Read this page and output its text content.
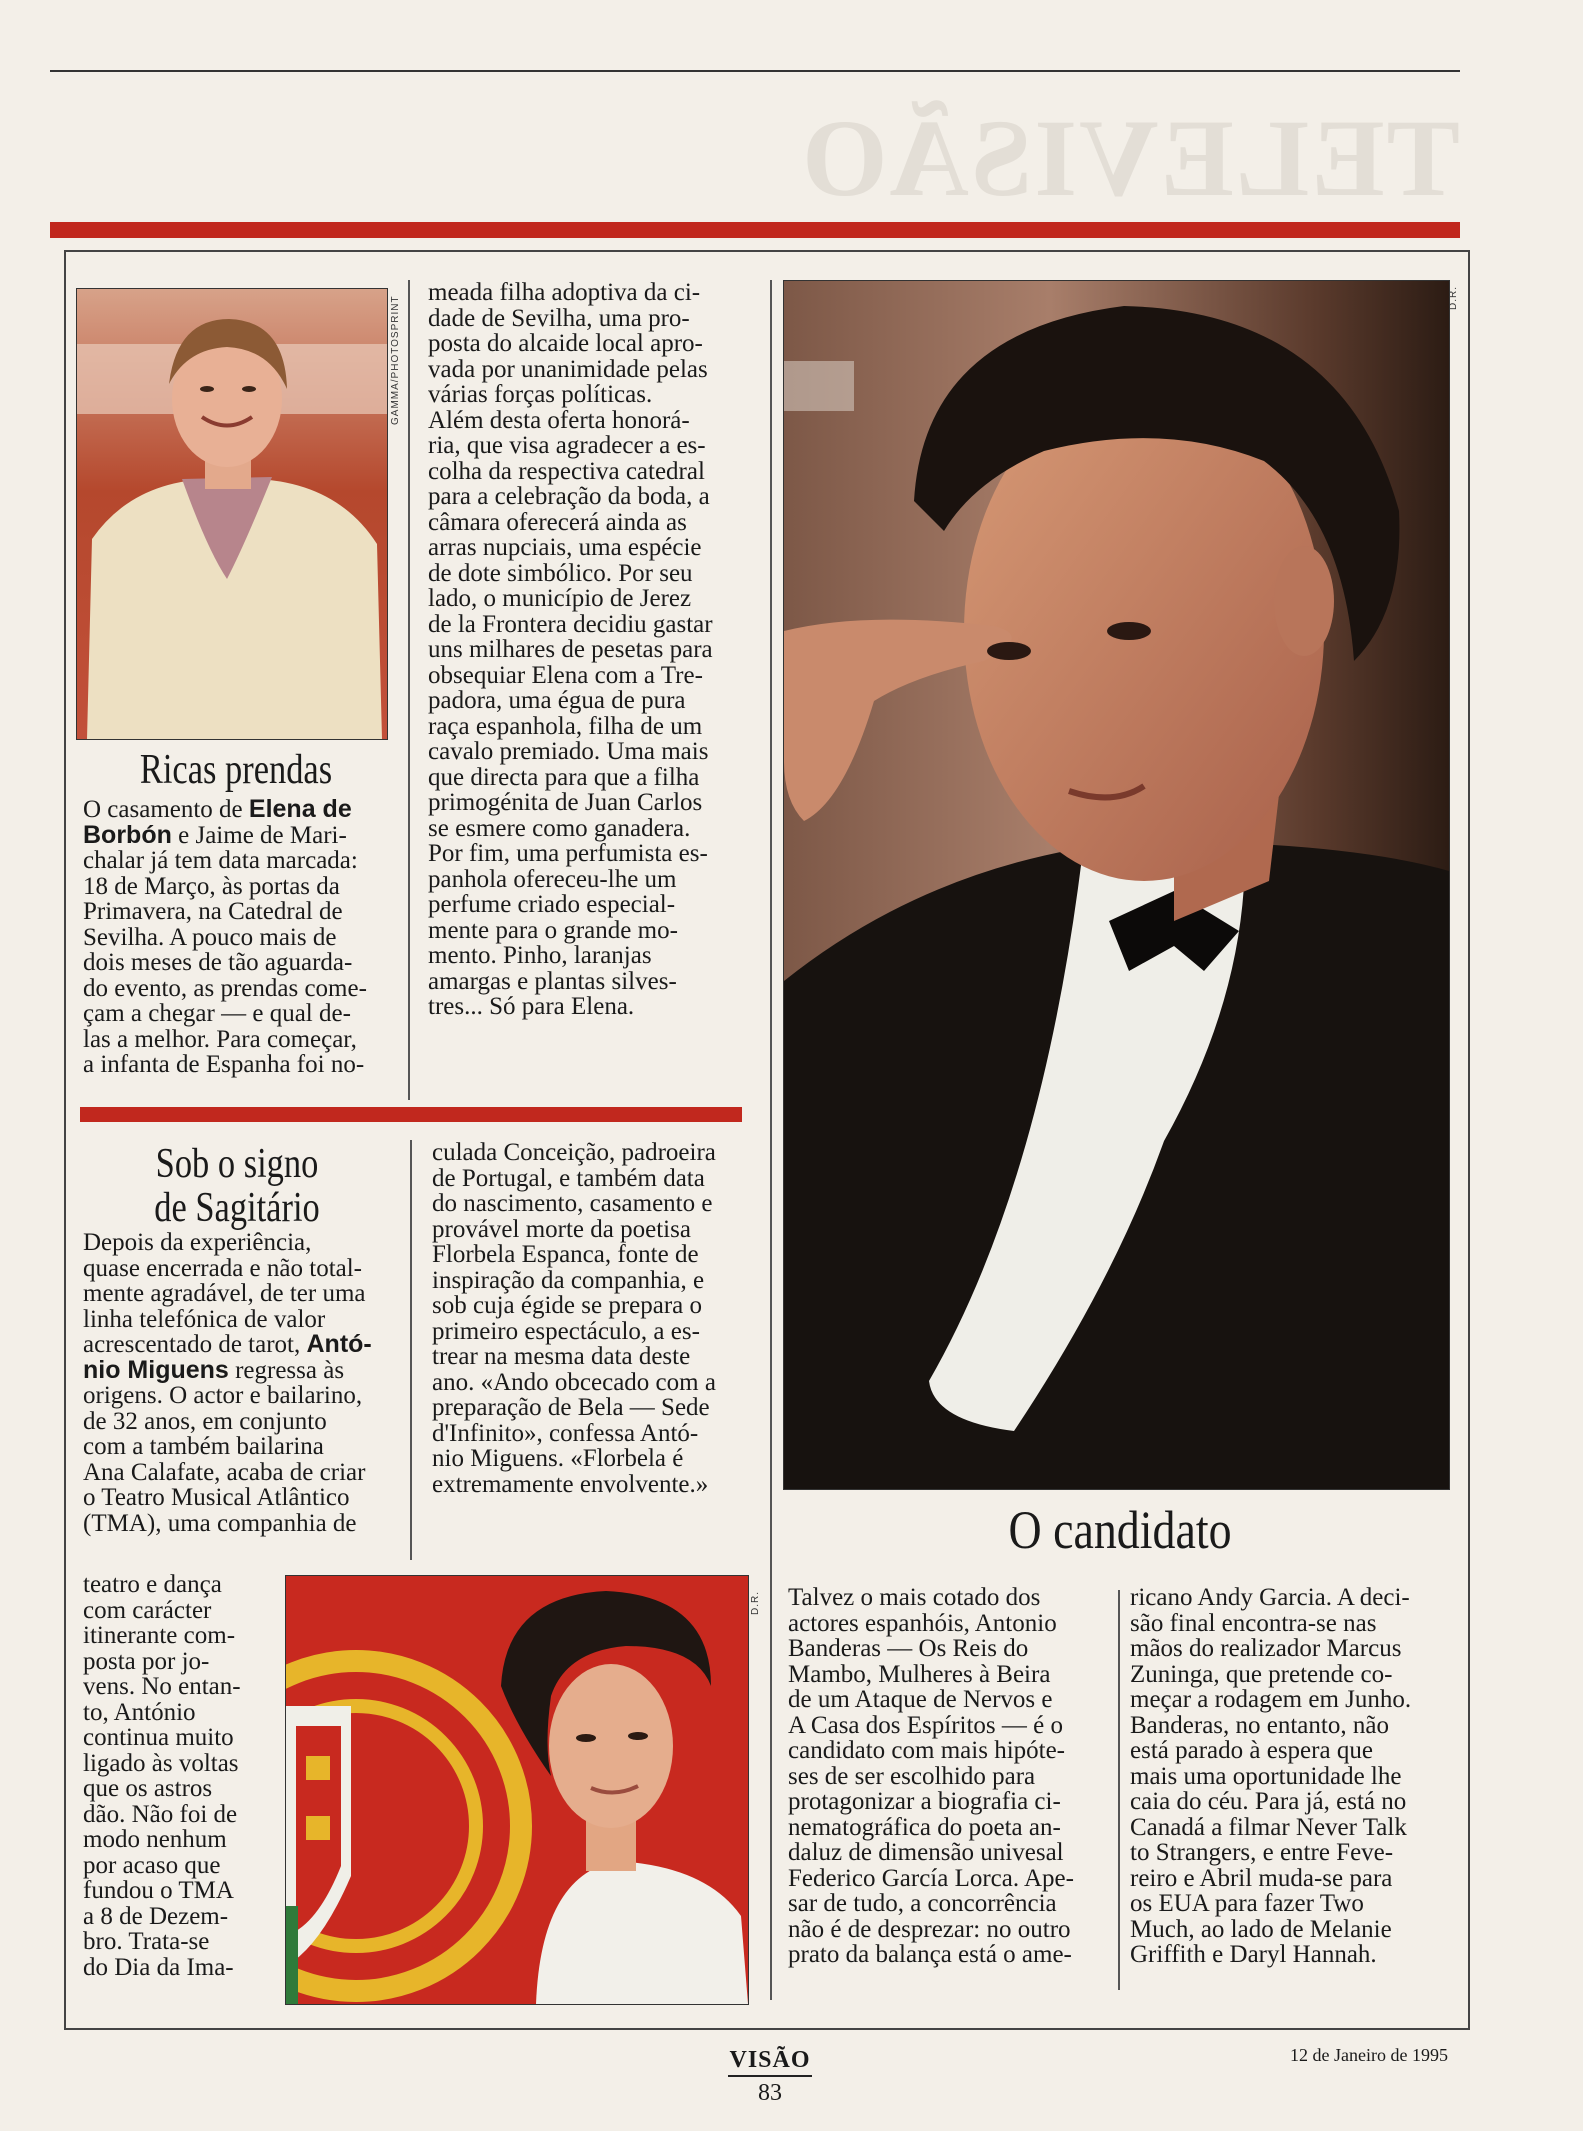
TELEVISÃO
GAMMA/PHOTOSPRINT
Ricas prendas
O casamento de Elena de
Borbón e Jaime de Mari-
chalar já tem data marcada:
18 de Março, às portas da
Primavera, na Catedral de
Sevilha. A pouco mais de
dois meses de tão aguarda-
do evento, as prendas come-
çam a chegar — e qual de-
las a melhor. Para começar,
a infanta de Espanha foi no-
meada filha adoptiva da ci-
dade de Sevilha, uma pro-
posta do alcaide local apro-
vada por unanimidade pelas
várias forças políticas.
Além desta oferta honorá-
ria, que visa agradecer a es-
colha da respectiva catedral
para a celebração da boda, a
câmara oferecerá ainda as
arras nupciais, uma espécie
de dote simbólico. Por seu
lado, o município de Jerez
de la Frontera decidiu gastar
uns milhares de pesetas para
obsequiar Elena com a Tre-
padora, uma égua de pura
raça espanhola, filha de um
cavalo premiado. Uma mais
que directa para que a filha
primogénita de Juan Carlos
se esmere como ganadera.
Por fim, uma perfumista es-
panhola ofereceu-lhe um
perfume criado especial-
mente para o grande mo-
mento. Pinho, laranjas
amargas e plantas silves-
tres... Só para Elena.
Sob o signo
de Sagitário
Depois da experiência,
quase encerrada e não total-
mente agradável, de ter uma
linha telefónica de valor
acrescentado de tarot, Antó-
nio Miguens regressa às
origens. O actor e bailarino,
de 32 anos, em conjunto
com a também bailarina
Ana Calafate, acaba de criar
o Teatro Musical Atlântico
(TMA), uma companhia de
teatro e dança
com carácter
itinerante com-
posta por jo-
vens. No entan-
to, António
continua muito
ligado às voltas
que os astros
dão. Não foi de
modo nenhum
por acaso que
fundou o TMA
a 8 de Dezem-
bro. Trata-se
do Dia da Ima-
culada Conceição, padroeira
de Portugal, e também data
do nascimento, casamento e
provável morte da poetisa
Florbela Espanca, fonte de
inspiração da companhia, e
sob cuja égide se prepara o
primeiro espectáculo, a es-
trear na mesma data deste
ano. «Ando obcecado com a
preparação de Bela — Sede
d'Infinito», confessa Antó-
nio Miguens. «Florbela é
extremamente envolvente.»
D.R.
D.R.
O candidato
Talvez o mais cotado dos
actores espanhóis, Antonio
Banderas — Os Reis do
Mambo, Mulheres à Beira
de um Ataque de Nervos e
A Casa dos Espíritos — é o
candidato com mais hipóte-
ses de ser escolhido para
protagonizar a biografia ci-
nematográfica do poeta an-
daluz de dimensão univesal
Federico García Lorca. Ape-
sar de tudo, a concorrência
não é de desprezar: no outro
prato da balança está o ame-
ricano Andy Garcia. A deci-
são final encontra-se nas
mãos do realizador Marcus
Zuninga, que pretende co-
meçar a rodagem em Junho.
Banderas, no entanto, não
está parado à espera que
mais uma oportunidade lhe
caia do céu. Para já, está no
Canadá a filmar Never Talk
to Strangers, e entre Feve-
reiro e Abril muda-se para
os EUA para fazer Two
Much, ao lado de Melanie
Griffith e Daryl Hannah.
VISÃO
83
12 de Janeiro de 1995
